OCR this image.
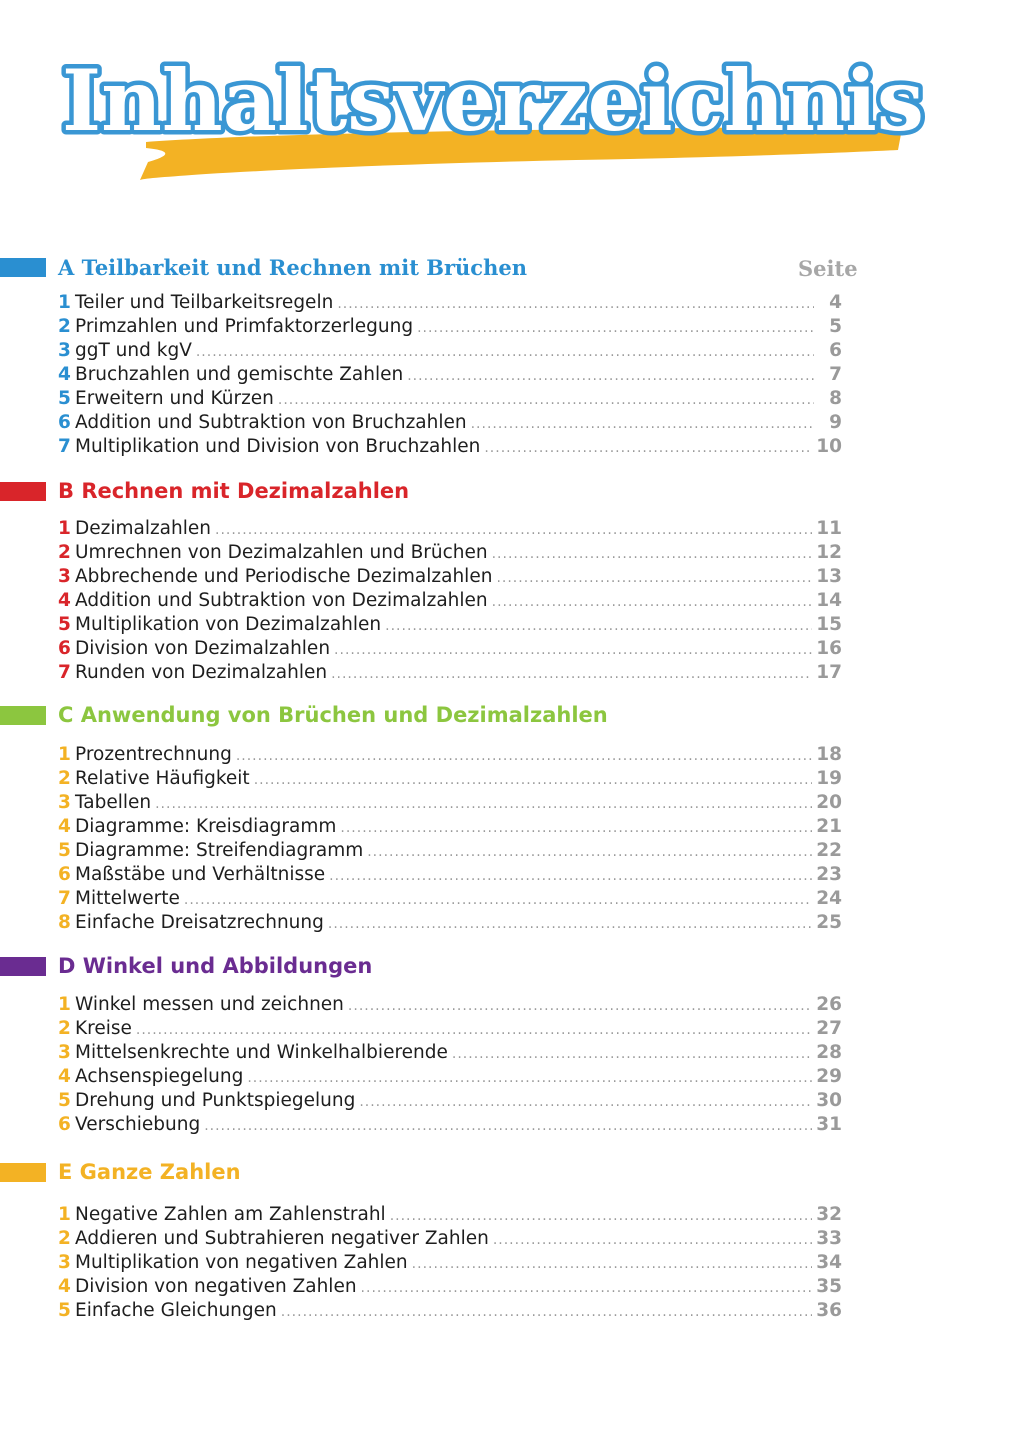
Inhaltsverzeichnis
Seite
A Teilbarkeit und Rechnen mit Brüchen
1 Teiler und Teilbarkeitsregeln .....	4
2 Primzahlen und Primfaktorzerlegung .....	5
3 ggT und kgV .....	6
4 Bruchzahlen und gemischte Zahlen .....	7
5 Erweitern und Kürzen .....	8
6 Addition und Subtraktion von Bruchzahlen .....	9
7 Multiplikation und Division von Bruchzahlen .....	10
B Rechnen mit Dezimalzahlen
1 Dezimalzahlen .....	11
2 Umrechnen von Dezimalzahlen und Brüchen .....	12
3 Abbrechende und Periodische Dezimalzahlen .....	13
4 Addition und Subtraktion von Dezimalzahlen .....	14
5 Multiplikation von Dezimalzahlen .....	15
6 Division von Dezimalzahlen .....	16
7 Runden von Dezimalzahlen .....	17
C Anwendung von Brüchen und Dezimalzahlen
1 Prozentrechnung .....	18
2 Relative Häufigkeit .....	19
3 Tabellen .....	20
4 Diagramme: Kreisdiagramm .....	21
5 Diagramme: Streifendiagramm .....	22
6 Maßstäbe und Verhältnisse .....	23
7 Mittelwerte .....	24
8 Einfache Dreisatzrechnung .....	25
D Winkel und Abbildungen
1 Winkel messen und zeichnen .....	26
2 Kreise .....	27
3 Mittelsenkrechte und Winkelhalbierende .....	28
4 Achsenspiegelung .....	29
5 Drehung und Punktspiegelung .....	30
6 Verschiebung .....	31
E Ganze Zahlen
1 Negative Zahlen am Zahlenstrahl .....	32
2 Addieren und Subtrahieren negativer Zahlen .....	33
3 Multiplikation von negativen Zahlen .....	34
4 Division von negativen Zahlen .....	35
5 Einfache Gleichungen .....	36
